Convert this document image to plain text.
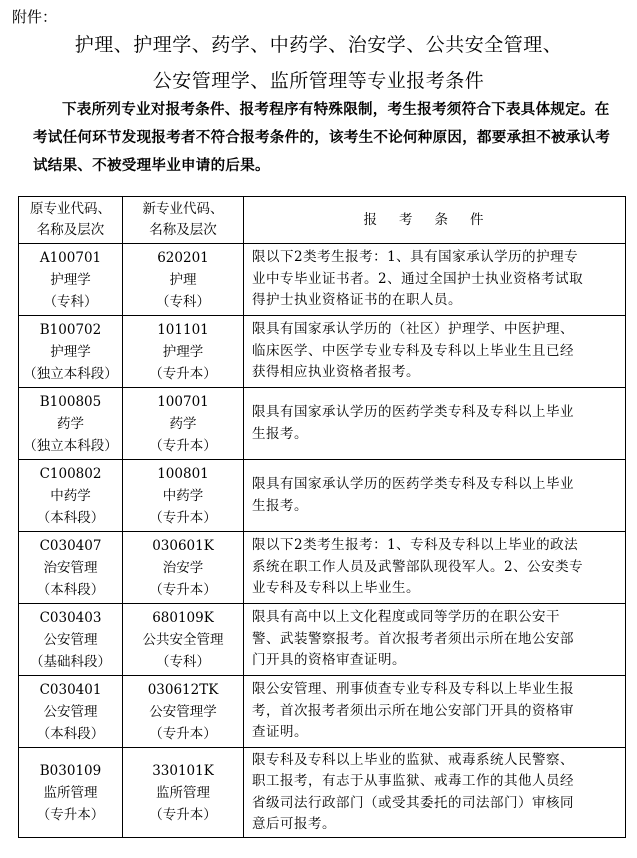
附件：
护理、护理学、药学、中药学、治安学、公共安全管理、
公安管理学、监所管理等专业报考条件
下表所列专业对报考条件、报考程序有特殊限制，考生报考须符合下表具体规定。在考试任何环节发现报考者不符合报考条件的，该考生不论何种原因，都要承担不被承认考试结果、不被受理毕业申请的后果。
原专业代码、
名称及层次	新专业代码、
名称及层次	报考条件

A100701
护理学
（专科）	620201
护理
（专科）	限以下2类考生报考：1、具有国家承认学历的护理专
业中专毕业证书者。2、通过全国护士执业资格考试取
得护士执业资格证书的在职人员。

B100702
护理学
（独立本科段）	101101
护理学
（专升本）	限具有国家承认学历的（社区）护理学、中医护理、
临床医学、中医学专业专科及专科以上毕业生且已经
获得相应执业资格者报考。

B100805
药学
（独立本科段）	100701
药学
（专升本）	限具有国家承认学历的医药学类专科及专科以上毕业
生报考。

C100802
中药学
（本科段）	100801
中药学
（专升本）	限具有国家承认学历的医药学类专科及专科以上毕业
生报考。

C030407
治安管理
（本科段）	030601K
治安学
（专升本）	限以下2类考生报考：1、专科及专科以上毕业的政法
系统在职工作人员及武警部队现役军人。2、公安类专
业专科及专科以上毕业生。

C030403
公安管理
（基础科段）	680109K
公共安全管理
（专科）	限具有高中以上文化程度或同等学历的在职公安干
警、武装警察报考。首次报考者须出示所在地公安部
门开具的资格审查证明。

C030401
公安管理
（本科段）	030612TK
公安管理学
（专升本）	限公安管理、刑事侦查专业专科及专科以上毕业生报
考，首次报考者须出示所在地公安部门开具的资格审
查证明。

B030109
监所管理
（专升本）	330101K
监所管理
（专升本）	限专科及专科以上毕业的监狱、戒毒系统人民警察、
职工报考，有志于从事监狱、戒毒工作的其他人员经
省级司法行政部门（或受其委托的司法部门）审核同
意后可报考。
